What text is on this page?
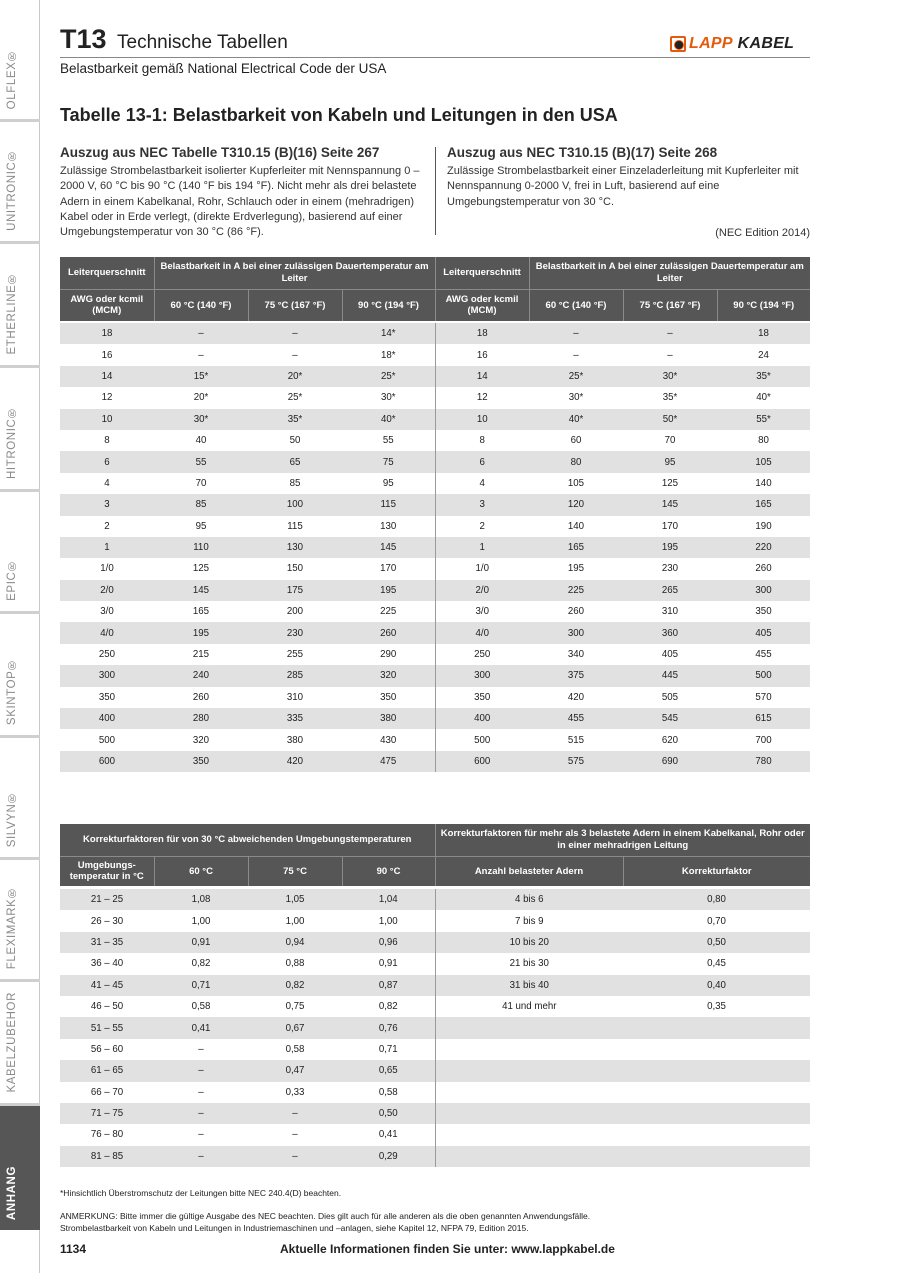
ÖLFLEX®
UNITRONIC®
ETHERLINE®
HITRONIC®
EPIC®
SKINTOP®
SILVYN®
FLEXIMARK®
KABELZUBEHÖR
ANHANG
T13 Technische Tabellen	LAPP KABEL
Belastbarkeit gemäß National Electrical Code der USA
Tabelle 13-1: Belastbarkeit von Kabeln und Leitungen in den USA
Auszug aus NEC Tabelle T310.15 (B)(16) Seite 267
Zulässige Strombelastbarkeit isolierter Kupferleiter mit Nennspannung 0 – 2000 V, 60 °C bis 90 °C (140 °F bis 194 °F). Nicht mehr als drei belastete Adern in einem Kabelkanal, Rohr, Schlauch oder in einem (mehradrigen) Kabel oder in Erde verlegt, (direkte Erdverlegung), basierend auf einer Umgebungstemperatur von 30 °C (86 °F).
Auszug aus NEC T310.15 (B)(17) Seite 268
Zulässige Strombelastbarkeit einer Einzeladerleitung mit Kupferleiter mit Nennspannung 0-2000 V, frei in Luft, basierend auf eine Umgebungstemperatur von 30 °C.
(NEC Edition 2014)
Leiterquerschnitt	Belastbarkeit in A bei einer zulässigen Dauertemperatur am Leiter			Leiterquerschnitt	Belastbarkeit in A bei einer zulässigen Dauertemperatur am Leiter		
AWG oder kcmil (MCM)	60 °C (140 °F)	75 °C (167 °F)	90 °C (194 °F)	AWG oder kcmil (MCM)	60 °C (140 °F)	75 °C (167 °F)	90 °C (194 °F)

18	–	–	14*	18	–	–	18
16	–	–	18*	16	–	–	24
14	15*	20*	25*	14	25*	30*	35*
12	20*	25*	30*	12	30*	35*	40*
10	30*	35*	40*	10	40*	50*	55*
8	40	50	55	8	60	70	80
6	55	65	75	6	80	95	105
4	70	85	95	4	105	125	140
3	85	100	115	3	120	145	165
2	95	115	130	2	140	170	190
1	110	130	145	1	165	195	220
1/0	125	150	170	1/0	195	230	260
2/0	145	175	195	2/0	225	265	300
3/0	165	200	225	3/0	260	310	350
4/0	195	230	260	4/0	300	360	405
250	215	255	290	250	340	405	455
300	240	285	320	300	375	445	500
350	260	310	350	350	420	505	570
400	280	335	380	400	455	545	615
500	320	380	430	500	515	620	700
600	350	420	475	600	575	690	780
Korrekturfaktoren für von 30 °C abweichenden Umgebungstemperaturen				Korrekturfaktoren für mehr als 3 belastete Adern in einem Kabelkanal, Rohr oder in einer mehradrigen Leitung	
Umgebungs-temperatur in °C	60 °C	75 °C	90 °C	Anzahl belasteter Adern	Korrekturfaktor

21 – 25	1,08	1,05	1,04	4 bis 6	0,80
26 – 30	1,00	1,00	1,00	7 bis 9	0,70
31 – 35	0,91	0,94	0,96	10 bis 20	0,50
36 – 40	0,82	0,88	0,91	21 bis 30	0,45
41 – 45	0,71	0,82	0,87	31 bis 40	0,40
46 – 50	0,58	0,75	0,82	41 und mehr	0,35
51 – 55	0,41	0,67	0,76		
56 – 60	–	0,58	0,71		
61 – 65	–	0,47	0,65		
66 – 70	–	0,33	0,58		
71 – 75	–	–	0,50		
76 – 80	–	–	0,41		
81 – 85	–	–	0,29		
*Hinsichtlich Überstromschutz der Leitungen bitte NEC 240.4(D) beachten.
ANMERKUNG: Bitte immer die gültige Ausgabe des NEC beachten. Dies gilt auch für alle anderen als die oben genannten Anwendungsfälle.
Strombelastbarkeit von Kabeln und Leitungen in Industriemaschinen und –anlagen, siehe Kapitel 12, NFPA 79, Edition 2015.
1134	Aktuelle Informationen finden Sie unter: www.lappkabel.de
